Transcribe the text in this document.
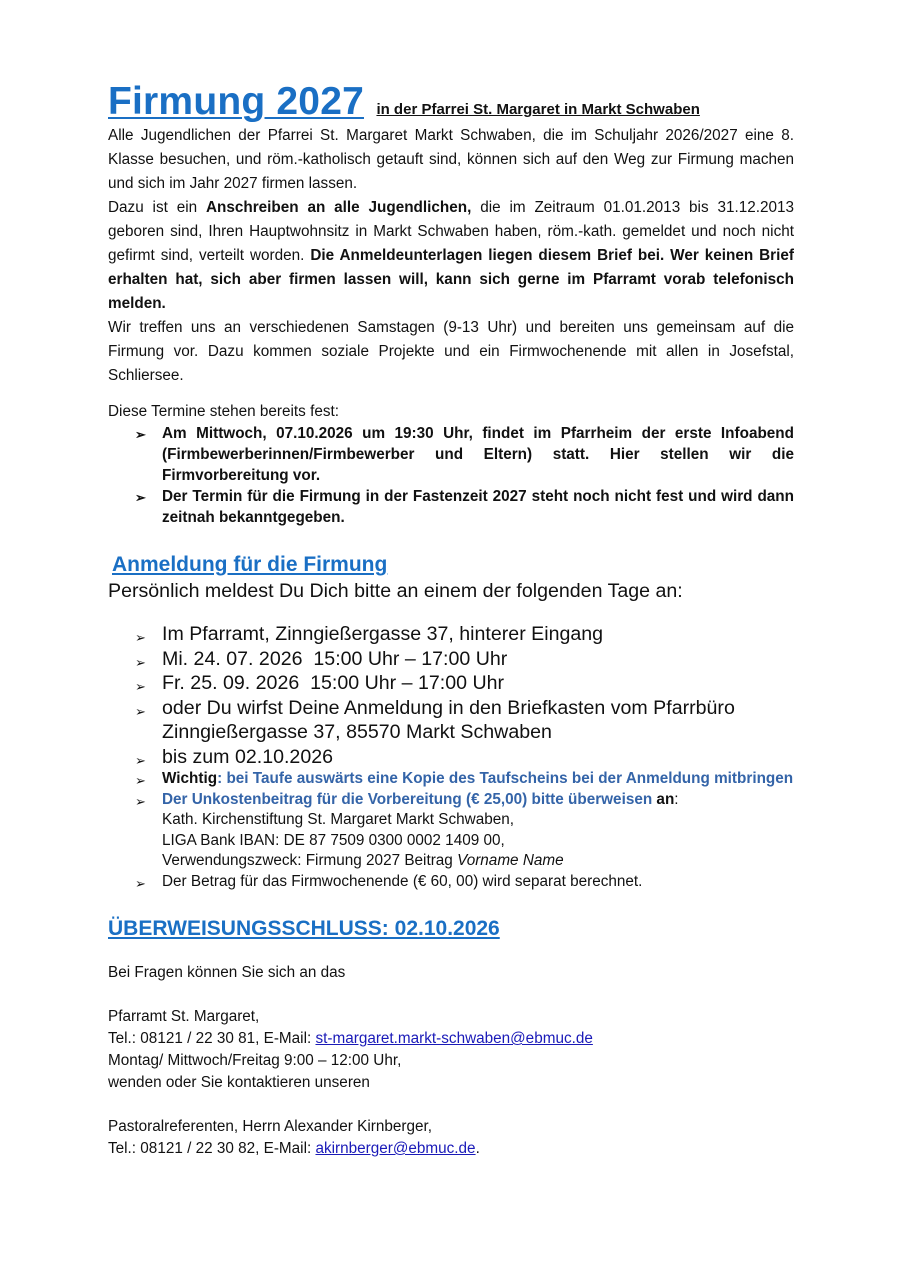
Firmung 2027 in der Pfarrei St. Margaret in Markt Schwaben

Alle Jugendlichen der Pfarrei St. Margaret Markt Schwaben, die im Schuljahr 2026/2027 eine 8. Klasse besuchen, und röm.-katholisch getauft sind, können sich auf den Weg zur Firmung machen und sich im Jahr 2027 firmen lassen.

Dazu ist ein Anschreiben an alle Jugendlichen, die im Zeitraum 01.01.2013 bis 31.12.2013 geboren sind, Ihren Hauptwohnsitz in Markt Schwaben haben, röm.-kath. gemeldet und noch nicht gefirmt sind, verteilt worden. Die Anmeldeunterlagen liegen diesem Brief bei. Wer keinen Brief erhalten hat, sich aber firmen lassen will, kann sich gerne im Pfarramt vorab telefonisch melden.

Wir treffen uns an verschiedenen Samstagen (9-13 Uhr) und bereiten uns gemeinsam auf die Firmung vor. Dazu kommen soziale Projekte und ein Firmwochenende mit allen in Josefstal, Schliersee.

Diese Termine stehen bereits fest:

➢ Am Mittwoch, 07.10.2026 um 19:30 Uhr, findet im Pfarrheim der erste Infoabend (Firmbewerberinnen/Firmbewerber und Eltern) statt. Hier stellen wir die Firmvorbereitung vor.
➢ Der Termin für die Firmung in der Fastenzeit 2027 steht noch nicht fest und wird dann zeitnah bekanntgegeben.
Anmeldung für die Firmung

Persönlich meldest Du Dich bitte an einem der folgenden Tage an:

➢ Im Pfarramt, Zinngießergasse 37, hinterer Eingang
➢ Mi. 24. 07. 2026  15:00 Uhr – 17:00 Uhr
➢ Fr. 25. 09. 2026  15:00 Uhr – 17:00 Uhr
➢ oder Du wirfst Deine Anmeldung in den Briefkasten vom Pfarrbüro Zinngießergasse 37, 85570 Markt Schwaben
➢ bis zum 02.10.2026
➢ Wichtig: bei Taufe auswärts eine Kopie des Taufscheins bei der Anmeldung mitbringen
➢ Der Unkostenbeitrag für die Vorbereitung (€ 25,00) bitte überweisen an:
Kath. Kirchenstiftung St. Margaret Markt Schwaben,
LIGA Bank IBAN: DE 87 7509 0300 0002 1409 00,
Verwendungszweck: Firmung 2027 Beitrag Vorname Name
➢ Der Betrag für das Firmwochenende (€ 60, 00) wird separat berechnet.
ÜBERWEISUNGSSCHLUSS: 02.10.2026

Bei Fragen können Sie sich an das

Pfarramt St. Margaret,

Tel.: 08121 / 22 30 81, E-Mail: st-margaret.markt-schwaben@ebmuc.de

Montag/ Mittwoch/Freitag 9:00 – 12:00 Uhr,

wenden oder Sie kontaktieren unseren

Pastoralreferenten, Herrn Alexander Kirnberger,

Tel.: 08121 / 22 30 82, E-Mail: akirnberger@ebmuc.de.
